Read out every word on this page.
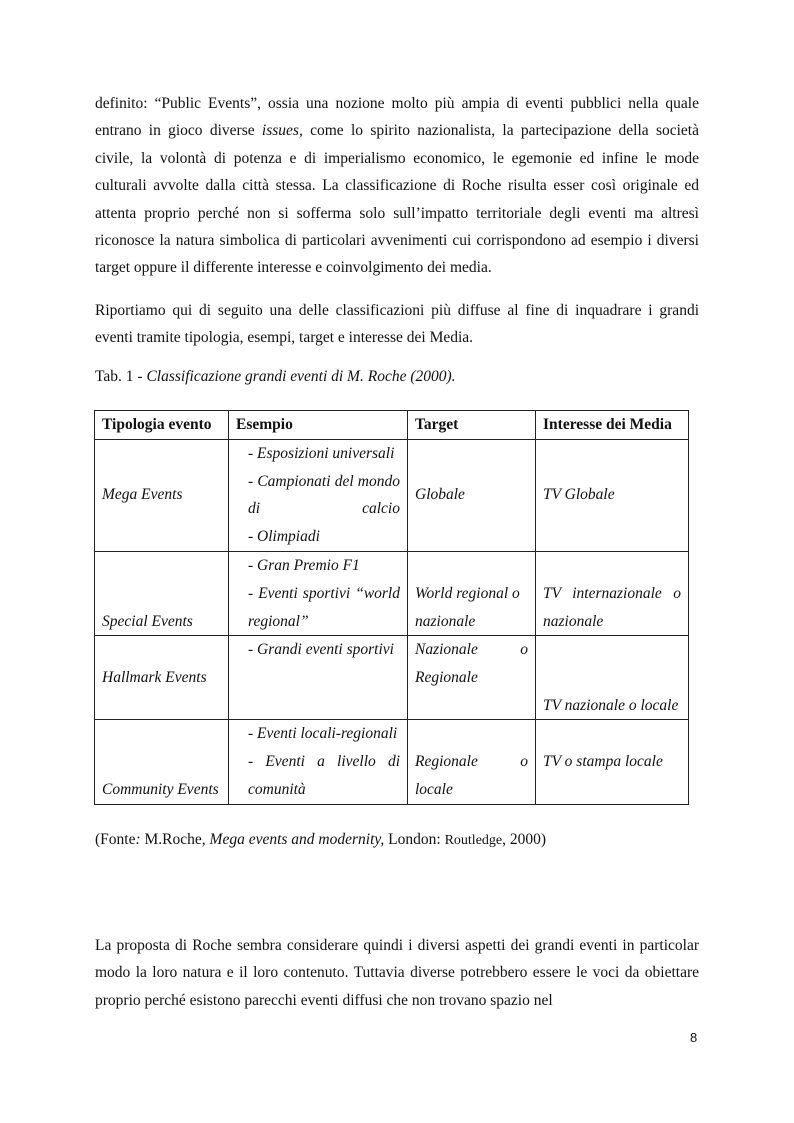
definito: “Public Events”, ossia una nozione molto più ampia di eventi pubblici nella quale entrano in gioco diverse issues, come lo spirito nazionalista, la partecipazione della società civile, la volontà di potenza e di imperialismo economico, le egemonie ed infine le mode culturali avvolte dalla città stessa. La classificazione di Roche risulta esser così originale ed attenta proprio perché non si sofferma solo sull’impatto territoriale degli eventi ma altresì riconosce la natura simbolica di particolari avvenimenti cui corrispondono ad esempio i diversi target oppure il differente interesse e coinvolgimento dei media.

Riportiamo qui di seguito una delle classificazioni più diffuse al fine di inquadrare i grandi eventi tramite tipologia, esempi, target e interesse dei Media.

Tab. 1 - Classificazione grandi eventi di M. Roche (2000).

Tipologia evento	Esempio	Target	Interesse dei Media
Mega Events	- Esposizioni universali
- Campionati del mondo di calcio
- Olimpiadi	Globale	TV Globale
Special Events	- Gran Premio F1
- Eventi sportivi “world regional”	World regional o nazionale	TV internazionale o nazionale
Hallmark Events	- Grandi eventi sportivi	Nazionale o Regionale	TV nazionale o locale
Community Events	- Eventi locali-regionali
- Eventi a livello di comunità	Regionale o locale	TV o stampa locale

(Fonte: M.Roche, Mega events and modernity, London: Routledge, 2000)

La proposta di Roche sembra considerare quindi i diversi aspetti dei grandi eventi in particolar modo la loro natura e il loro contenuto. Tuttavia diverse potrebbero essere le voci da obiettare proprio perché esistono parecchi eventi diffusi che non trovano spazio nel

8
